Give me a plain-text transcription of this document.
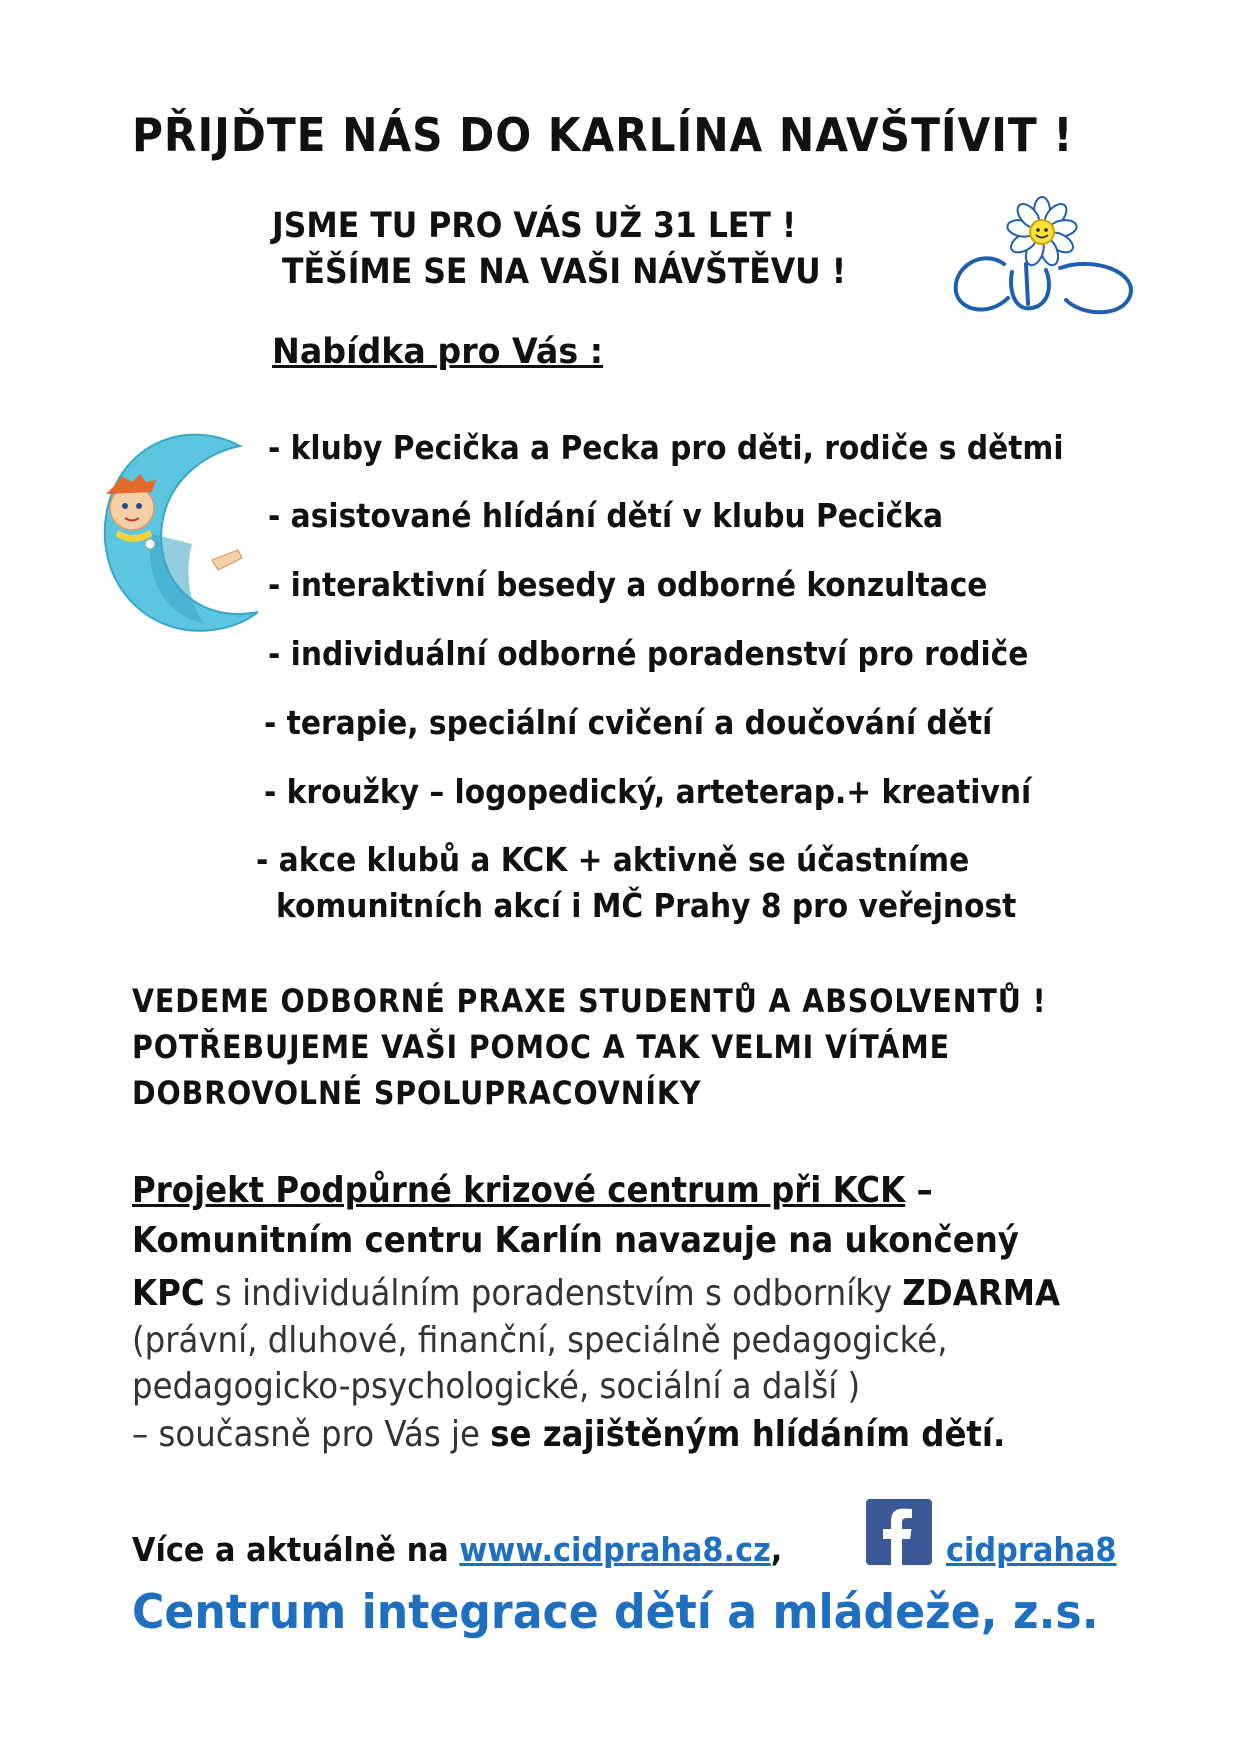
PŘIJĎTE NÁS DO KARLÍNA NAVŠTÍVIT !
JSME TU PRO VÁS UŽ 31 LET !
TĚŠÍME SE NA VAŠI NÁVŠTĚVU !
Nabídka pro Vás :
- kluby Pecička a Pecka pro děti, rodiče s dětmi
- asistované hlídání dětí v klubu Pecička
- interaktivní besedy a odborné konzultace
- individuální odborné poradenství pro rodiče
- terapie, speciální cvičení a doučování dětí
- kroužky – logopedický, arteterap.+ kreativní
- akce klubů a KCK + aktivně se účastníme
komunitních akcí i MČ Prahy 8 pro veřejnost
VEDEME ODBORNÉ PRAXE STUDENTŮ A ABSOLVENTŮ !
POTŘEBUJEME VAŠI POMOC A TAK VELMI VÍTÁME
DOBROVOLNÉ SPOLUPRACOVNÍKY
Projekt Podpůrné krizové centrum při KCK –
Komunitním centru Karlín navazuje na ukončený
KPC s individuálním poradenstvím s odborníky ZDARMA
(právní, dluhové, finanční, speciálně pedagogické,
pedagogicko-psychologické, sociální a další )
– současně pro Vás je se zajištěným hlídáním dětí.
Více a aktuálně na www.cidpraha8.cz,	cidpraha8
Centrum integrace dětí a mládeže, z.s.
